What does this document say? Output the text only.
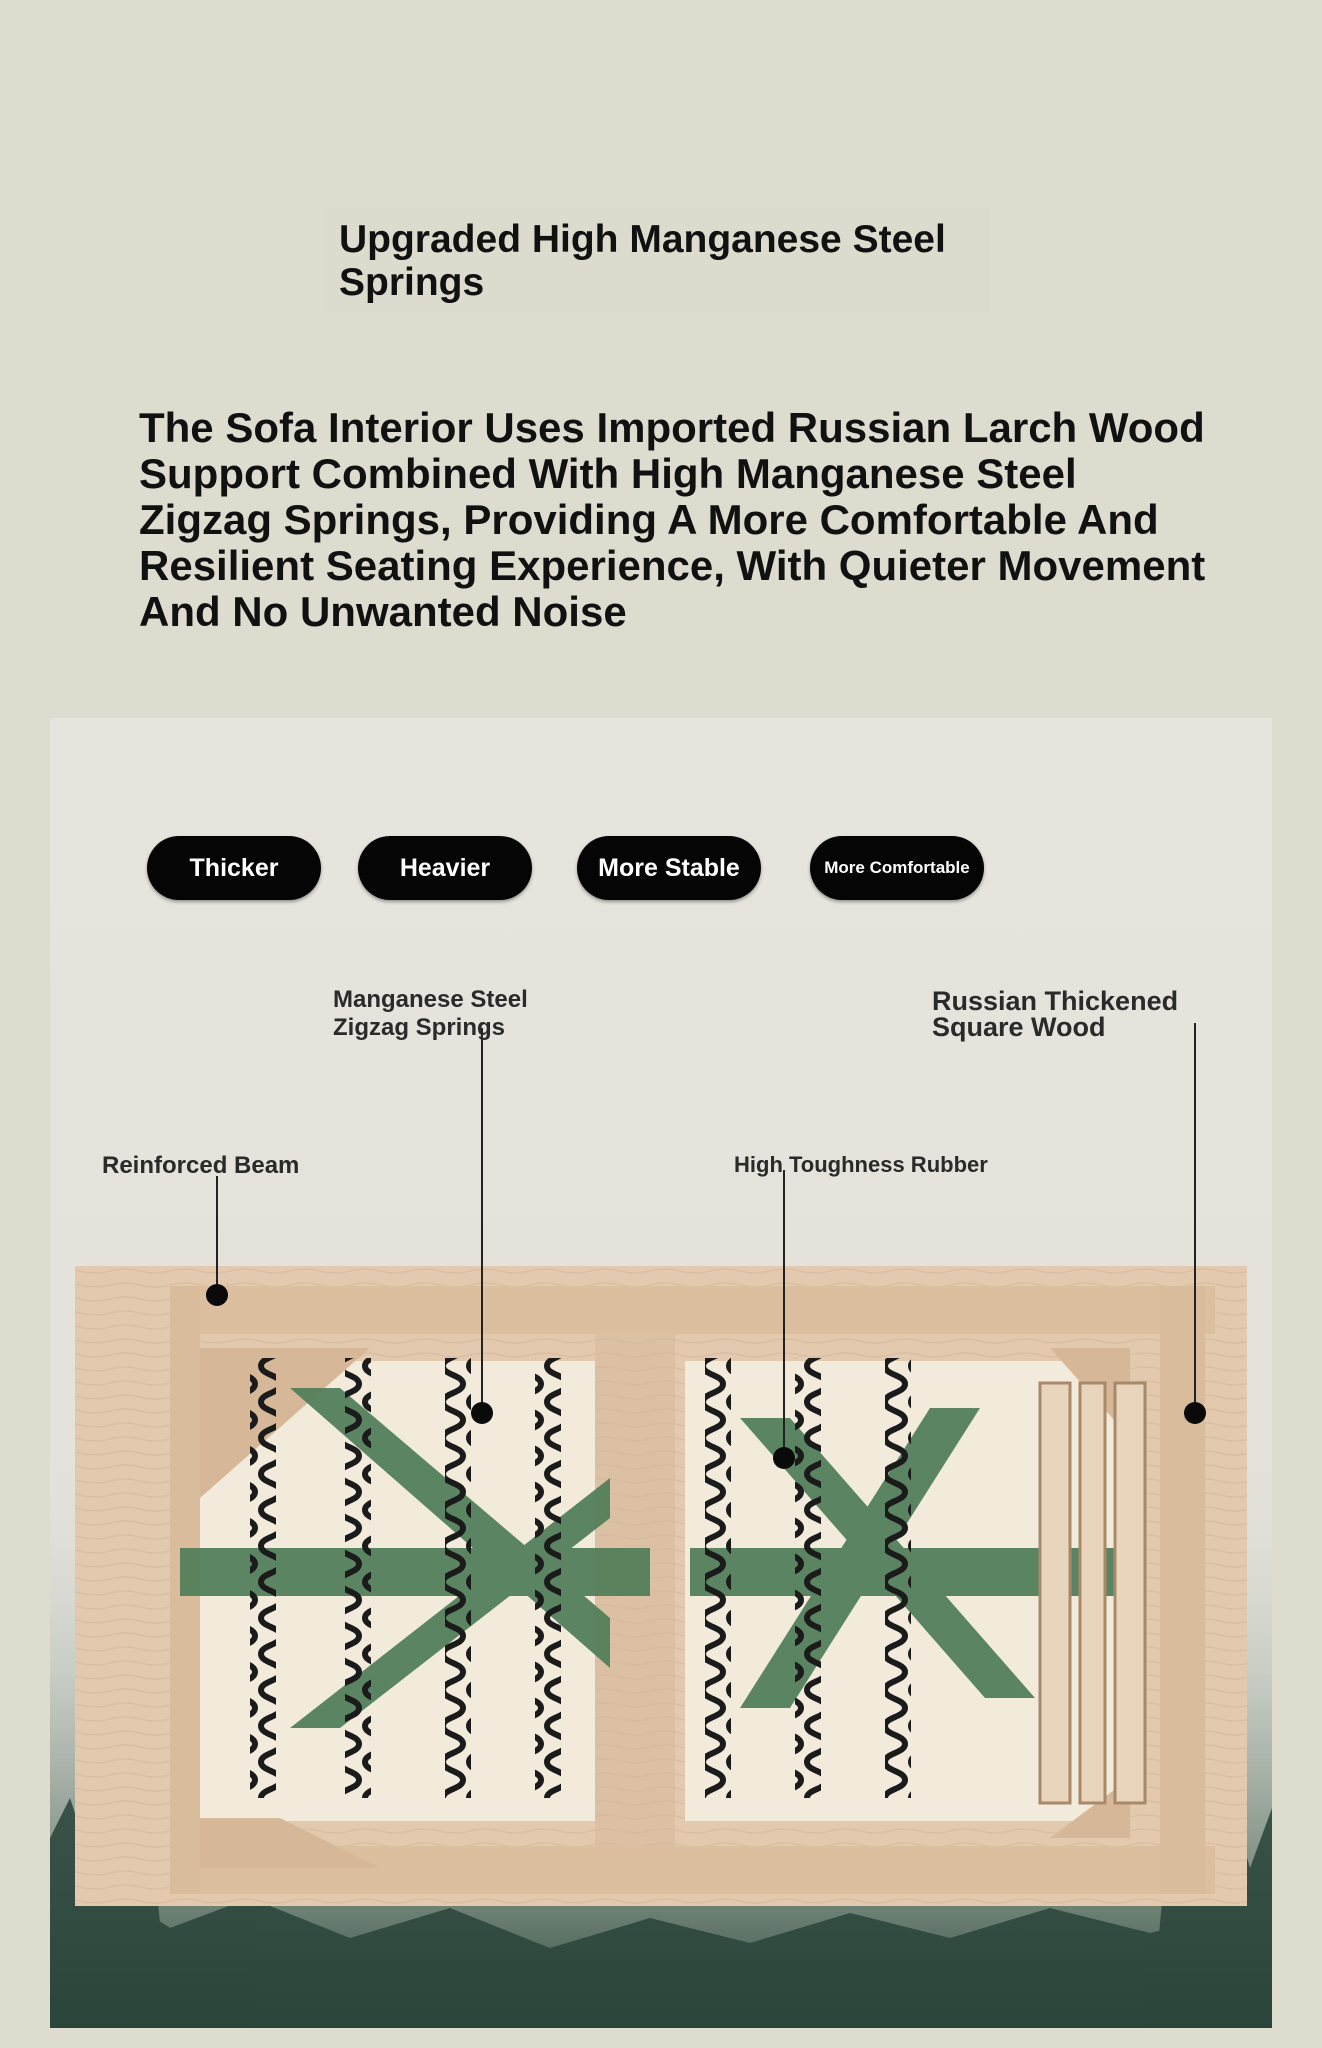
Upgraded High Manganese Steel Springs
The Sofa Interior Uses Imported Russian Larch Wood Support Combined With High Manganese Steel Zigzag Springs, Providing A More Comfortable And Resilient Seating Experience, With Quieter Movement And No Unwanted Noise
Thicker	Heavier	More Stable	More Comfortable
Manganese Steel Zigzag Springs
Russian Thickened Square Wood
Reinforced Beam	High Toughness Rubber
